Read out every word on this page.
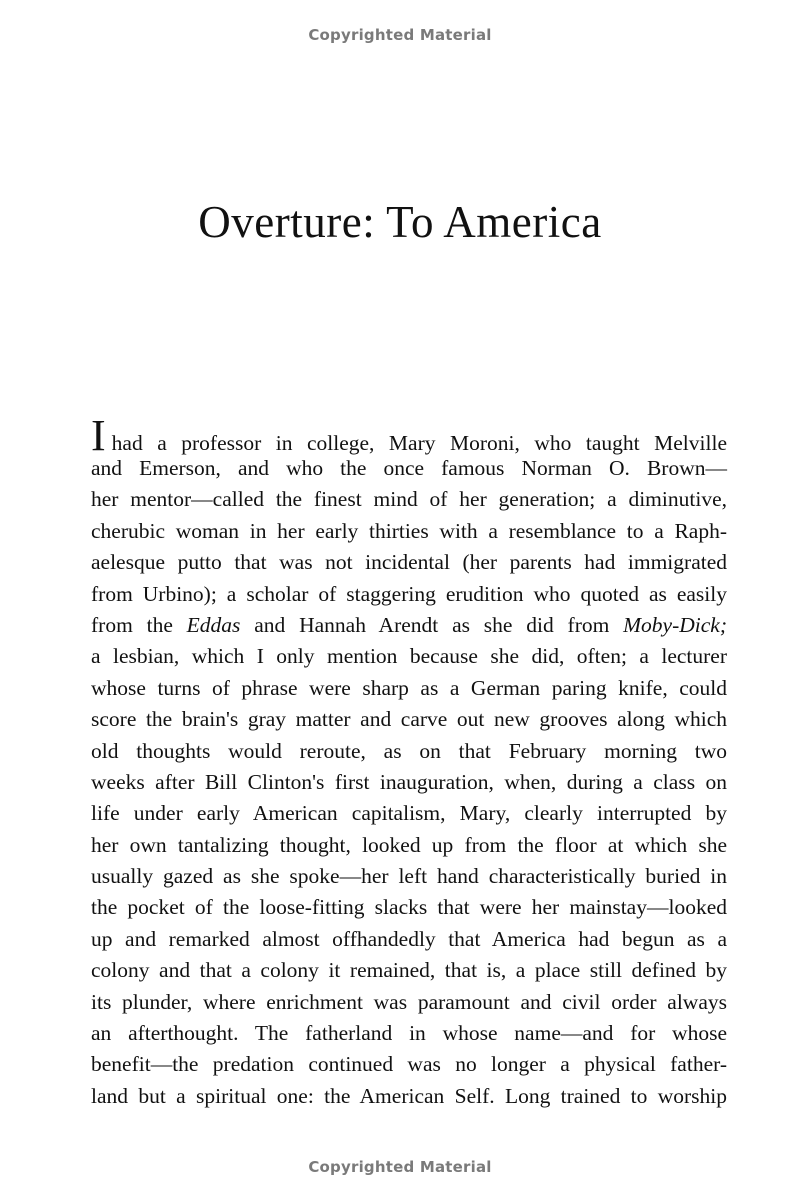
Copyrighted Material
Overture: To America
Ihad a professor in college, Mary Moroni, who taught Melville
and Emerson, and who the once famous Norman O. Brown—
her mentor—called the finest mind of her generation; a diminutive,
cherubic woman in her early thirties with a resemblance to a Raph-
aelesque putto that was not incidental (her parents had immigrated
from Urbino); a scholar of staggering erudition who quoted as easily
from the Eddas and Hannah Arendt as she did from Moby-Dick;
a lesbian, which I only mention because she did, often; a lecturer
whose turns of phrase were sharp as a German paring knife, could
score the brain's gray matter and carve out new grooves along which
old thoughts would reroute, as on that February morning two
weeks after Bill Clinton's first inauguration, when, during a class on
life under early American capitalism, Mary, clearly interrupted by
her own tantalizing thought, looked up from the floor at which she
usually gazed as she spoke—her left hand characteristically buried in
the pocket of the loose-fitting slacks that were her mainstay—looked
up and remarked almost offhandedly that America had begun as a
colony and that a colony it remained, that is, a place still defined by
its plunder, where enrichment was paramount and civil order always
an afterthought. The fatherland in whose name—and for whose
benefit—the predation continued was no longer a physical father-
land but a spiritual one: the American Self. Long trained to worship
Copyrighted Material
